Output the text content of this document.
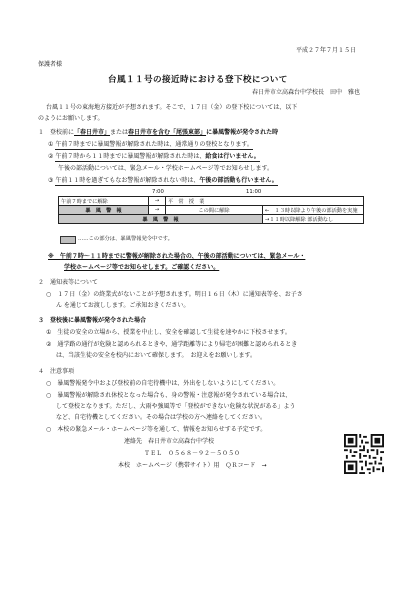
平成２７年７月１５日
保護者様
台風１１号の接近時における登下校について
春日井市立高森台中学校長　田中　雅也
台風１１号の東海地方接近が予想されます。そこで、１７日（金）の登下校については、以下
のようにお願いします。
１　登校前に「春日井市」または春日井市を含む「尾張東部」に暴風警報が発令された時
① 午前７時までに暴風警報が解除された時は、通常通りの登校となります。
② 午前７時から１１時までに暴風警報が解除された時は、給食は行いません。
午後の部活動については、緊急メール・学校ホームページ等でお知らせします。
③ 午前１１時を過ぎてもなお警報が解除されない時は、午後の部活動も行いません。
7:00	11:00
午前７時までに解除	→	平　常　授　業	
暴　風　警　報	→	この間に解除	←　１３時以降より午後の部活動を実施
暴　風　警　報			→１１時以降解除 部活動なし
……この部分は、暴風警報発令中です。
※　午前７時～１１時までに警報が解除された場合の、午後の部活動については、緊急メール・
学校ホームページ等でお知らせします。ご確認ください。
２　通知表等について
○　１７日（金）の終業式がないことが予想されます。明日１６日（木）に通知表等を、お子さ
ん を通じてお渡しします。ご承知おきください。
３　登校後に暴風警報が発令された場合
①　生徒の安全の立場から、授業を中止し、安全を確認して生徒を速やかに下校させます。
②　通学路の通行が危険と認められるときや、通学距離等により帰宅が困難と認められるとき
は、当該生徒の安全を校内において確保します。　お迎えをお願いします。
４　注意事項
○　暴風警報発令中および登校前の自宅待機中は、外出をしないようにしてください。
○　暴風警報が解除され休校となった場合も、身の警報・注意報が発令されている場合は、
して登校となります。ただし、大雨や強風等で「登校ができない危険な状況がある」よう
など、自宅待機としてください。その場合は学校の方へ連絡をしてください。
○　本校の緊急メール・ホームページ等を通して、情報をお知らせする予定です。
連絡先　春日井市立高森台中学校
ＴＥＬ　０５６８－９２－５０５０
本校　ホームページ（携帯サイト）用　ＱＲコード　→
